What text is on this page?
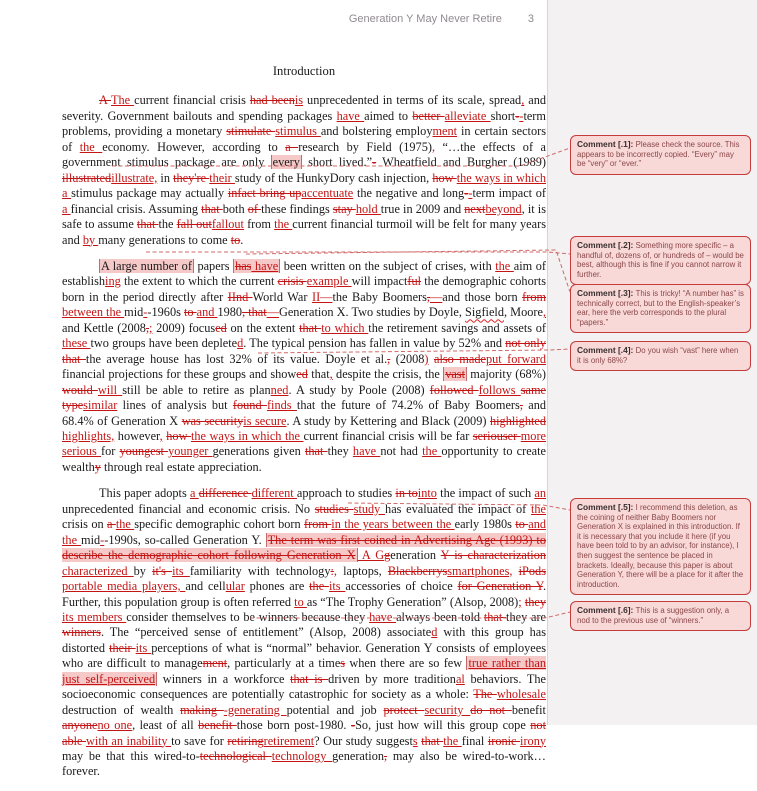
Generation Y May Never Retire 3
Introduction

A The current financial crisis had beenis unprecedented in terms of its scale, spread, and severity. Government bailouts and spending packages have aimed to better alleviate short--term problems, providing a monetary stimulate stimulus and bolstering employment in certain sectors of the economy. However, according to a research by Field (1975), “…the effects of a government stimulus package are only every short lived.”- Wheatfield and Burgher (1989) illustratedillustrate, in they're their study of the HunkyDory cash injection, how the ways in which a stimulus package may actually infact bring upaccentuate the negative and long--term impact of a financial crisis. Assuming that both of these findings stay hold true in 2009 and nextbeyond, it is safe to assume that the fall outfallout from the current financial turmoil will be felt for many years and by many generations to come to.

A large number of papers has have been written on the subject of crises, with the aim of establishing the extent to which the current crisis example will impactful the demographic cohorts born in the period directly after IInd World War II—the Baby Boomers,—and those born from between the mid--1960s to and 1980, that—Generation X. Two studies by Doyle, Sigfield, Moore, and Kettle (2008,; 2009) focused on the extent that to which the retirement savings and assets of these two groups have been depleted. The typical pension has fallen in value by 52% and not only that the average house has lost 32% of its value. Doyle et al., (2008) also madeput forward financial projections for these groups and showed that, despite the crisis, the vast majority (68%) would will still be able to retire as planned. A study by Poole (2008) followed follows same typesimilar lines of analysis but found finds that the future of 74.2% of Baby Boomers, and 68.4% of Generation X was securityis secure. A study by Kettering and Black (2009) highlighted highlights, however, how the ways in which the current financial crisis will be far seriouser more serious for youngest younger generations given that they have not had the opportunity to create wealthy through real estate appreciation.

This paper adopts a difference different approach to studies in tointo the impact of such an unprecedented financial and economic crisis. No studies study has evaluated the impact of the crisis on a the specific demographic cohort born from in the years between the early 1980s to and the mid--1990s, so-called Generation Y. The term was first coined in Advertising Age (1993) to describe the demographic cohort following Generation X A Ggeneration Y is characterization characterized by it's its familiarity with technology:, laptops, Blackberryssmartphones, iPods portable media players, and cellular phones are the its accessories of choice for Generation Y. Further, this population group is often referred to as “The Trophy Generation” (Alsop, 2008); they its members consider themselves to be winners because they have always been told that they are winners. The “perceived sense of entitlement” (Alsop, 2008) associated with this group has distorted their its perceptions of what is “normal” behavior. Generation Y consists of employees who are difficult to management, particularly at a times when there are so few true rather than just self-perceived winners in a workforce that is driven by more traditional behaviors. The socioeconomic consequences are potentially catastrophic for society as a whole: The wholesale destruction of wealth making -generating potential and job protect security do not benefit anyoneno one, least of all benefit those born post-1980. -So, just how will this group cope not able with an inability to save for retiringretirement? Our study suggests that the final ironic irony may be that this wired-to-technological technology generation, may also be wired-to-work…forever.

Comment [.1]: Please check the source. This appears to be incorrectly copied. “Every” may be “very” or “ever.”
Comment [.2]: Something more specific – a handful of, dozens of, or hundreds of – would be best, although this is fine if you cannot narrow it further.
Comment [.3]: This is tricky! “A number has” is technically correct, but to the English-speaker’s ear, here the verb corresponds to the plural “papers.”
Comment [.4]: Do you wish “vast” here when it is only 68%?
Comment [.5]: I recommend this deletion, as the coining of neither Baby Boomers nor Generation X is explained in this introduction. If it is necessary that you include it here (if you have been told to by an advisor, for instance), I then suggest the sentence be placed in brackets. Ideally, because this paper is about Generation Y, there will be a place for it after the introduction.
Comment [.6]: This is a suggestion only, a nod to the previous use of “winners.”
